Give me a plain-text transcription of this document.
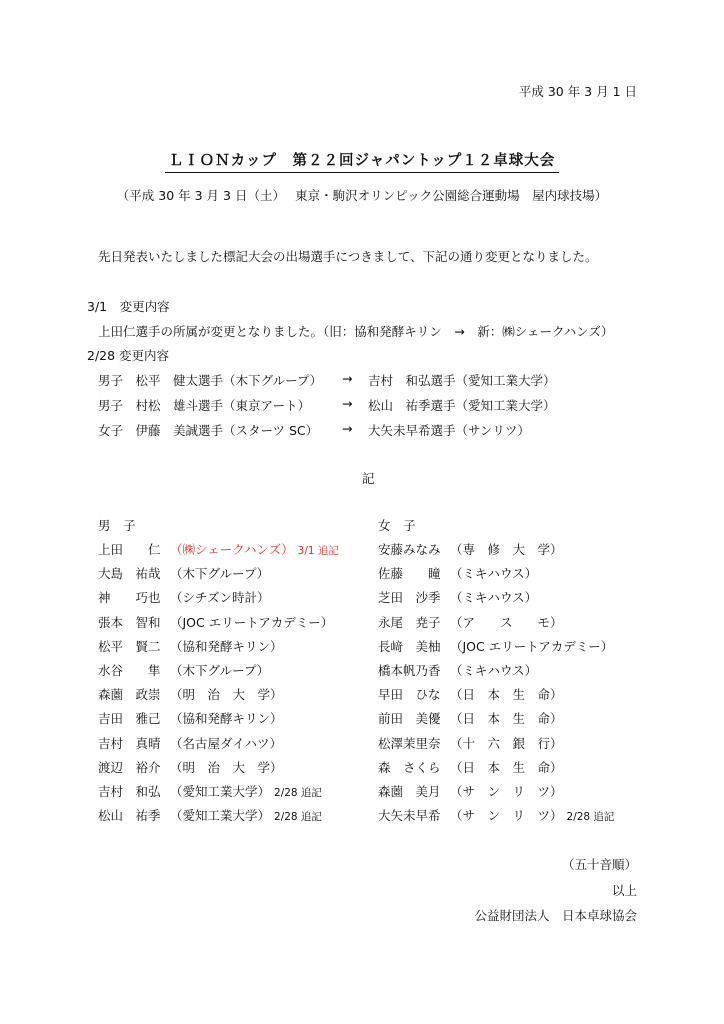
平成 30 年 3 月 1 日
ＬＩＯＮカップ　第２２回ジャパントップ１２卓球大会
（平成 30 年 3 月 3 日（土）　 東京・駒沢オリンピック公園総合運動場　屋内球技場）
先日発表いたしました標記大会の出場選手につきまして、下記の通り変更となりました。
3/1　変更内容
上田仁選手の所属が変更となりました。（旧：協和発酵キリン　→　新：㈱シェークハンズ）
2/28 変更内容
男子　松平　健太選手（木下グループ） → 吉村　和弘選手（愛知工業大学）
男子　村松　雄斗選手（東京アート）	→ 松山　祐季選手（愛知工業大学）
女子　伊藤　美誠選手（スターツ SC） → 大矢未早希選手（サンリツ）
記
男　子	女　子
上田　　仁 （㈱シェークハンズ） 3/1 追記
大島　祐哉 （木下グループ）
神　　巧也 （シチズン時計）
張本　智和 （JOC エリートアカデミー）
松平　賢二 （協和発酵キリン）
水谷　　隼 （木下グループ）
森薗　政崇 （明　治　大　学）
吉田　雅己 （協和発酵キリン）
吉村　真晴 （名古屋ダイハツ）
渡辺　裕介 （明　治　大　学）
吉村　和弘 （愛知工業大学） 2/28 追記
松山　祐季 （愛知工業大学） 2/28 追記
安藤みなみ （専　修　大　学）
佐藤　　瞳 （ミキハウス）
芝田　沙季 （ミキハウス）
永尾　尭子 （ア　　ス　　モ）
長﨑　美柚 （JOC エリートアカデミー）
橋本帆乃香 （ミキハウス）
早田　ひな （日　本　生　命）
前田　美優 （日　本　生　命）
松澤茉里奈 （十　六　銀　行）
森　さくら （日　本　生　命）
森薗　美月 （サ　ン　リ　ツ）
大矢未早希 （サ　ン　リ　ツ） 2/28 追記
（五十音順）
以上
公益財団法人　日本卓球協会
